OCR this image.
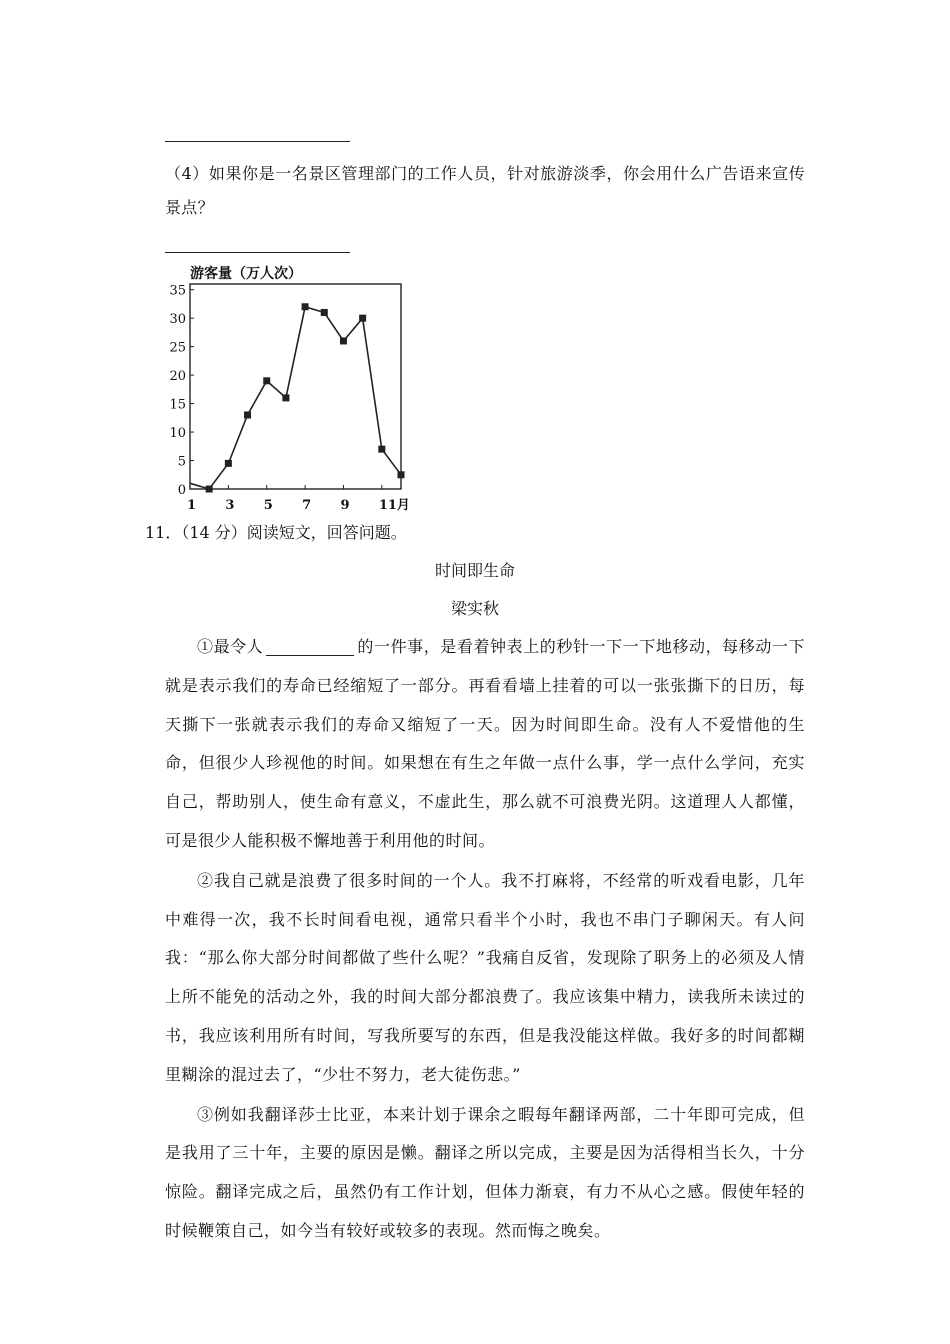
（4）如果你是一名景区管理部门的工作人员，针对旅游淡季，你会用什么广告语来宣传景点？

游客量（万人次）
35
30
25
20
15
10
5
0
1 3 5 7 9 11月

11．（14 分）阅读短文，回答问题。

时间即生命

梁实秋

①最令人	的一件事，是看着钟表上的秒针一下一下地移动，每移动一下就是表示我们的寿命已经缩短了一部分。再看看墙上挂着的可以一张张撕下的日历，每天撕下一张就表示我们的寿命又缩短了一天。因为时间即生命。没有人不爱惜他的生命，但很少人珍视他的时间。如果想在有生之年做一点什么事，学一点什么学问，充实自己，帮助别人，使生命有意义，不虚此生，那么就不可浪费光阴。这道理人人都懂，可是很少人能积极不懈地善于利用他的时间。

②我自己就是浪费了很多时间的一个人。我不打麻将，不经常的听戏看电影，几年中难得一次，我不长时间看电视，通常只看半个小时，我也不串门子聊闲天。有人问我：“那么你大部分时间都做了些什么呢？”我痛自反省，发现除了职务上的必须及人情上所不能免的活动之外，我的时间大部分都浪费了。我应该集中精力，读我所未读过的书，我应该利用所有时间，写我所要写的东西，但是我没能这样做。我好多的时间都糊里糊涂的混过去了，“少壮不努力，老大徒伤悲。”

③例如我翻译莎士比亚，本来计划于课余之暇每年翻译两部，二十年即可完成，但是我用了三十年，主要的原因是懒。翻译之所以完成，主要是因为活得相当长久，十分惊险。翻译完成之后，虽然仍有工作计划，但体力渐衰，有力不从心之感。假使年轻的时候鞭策自己，如今当有较好或较多的表现。然而悔之晚矣。
